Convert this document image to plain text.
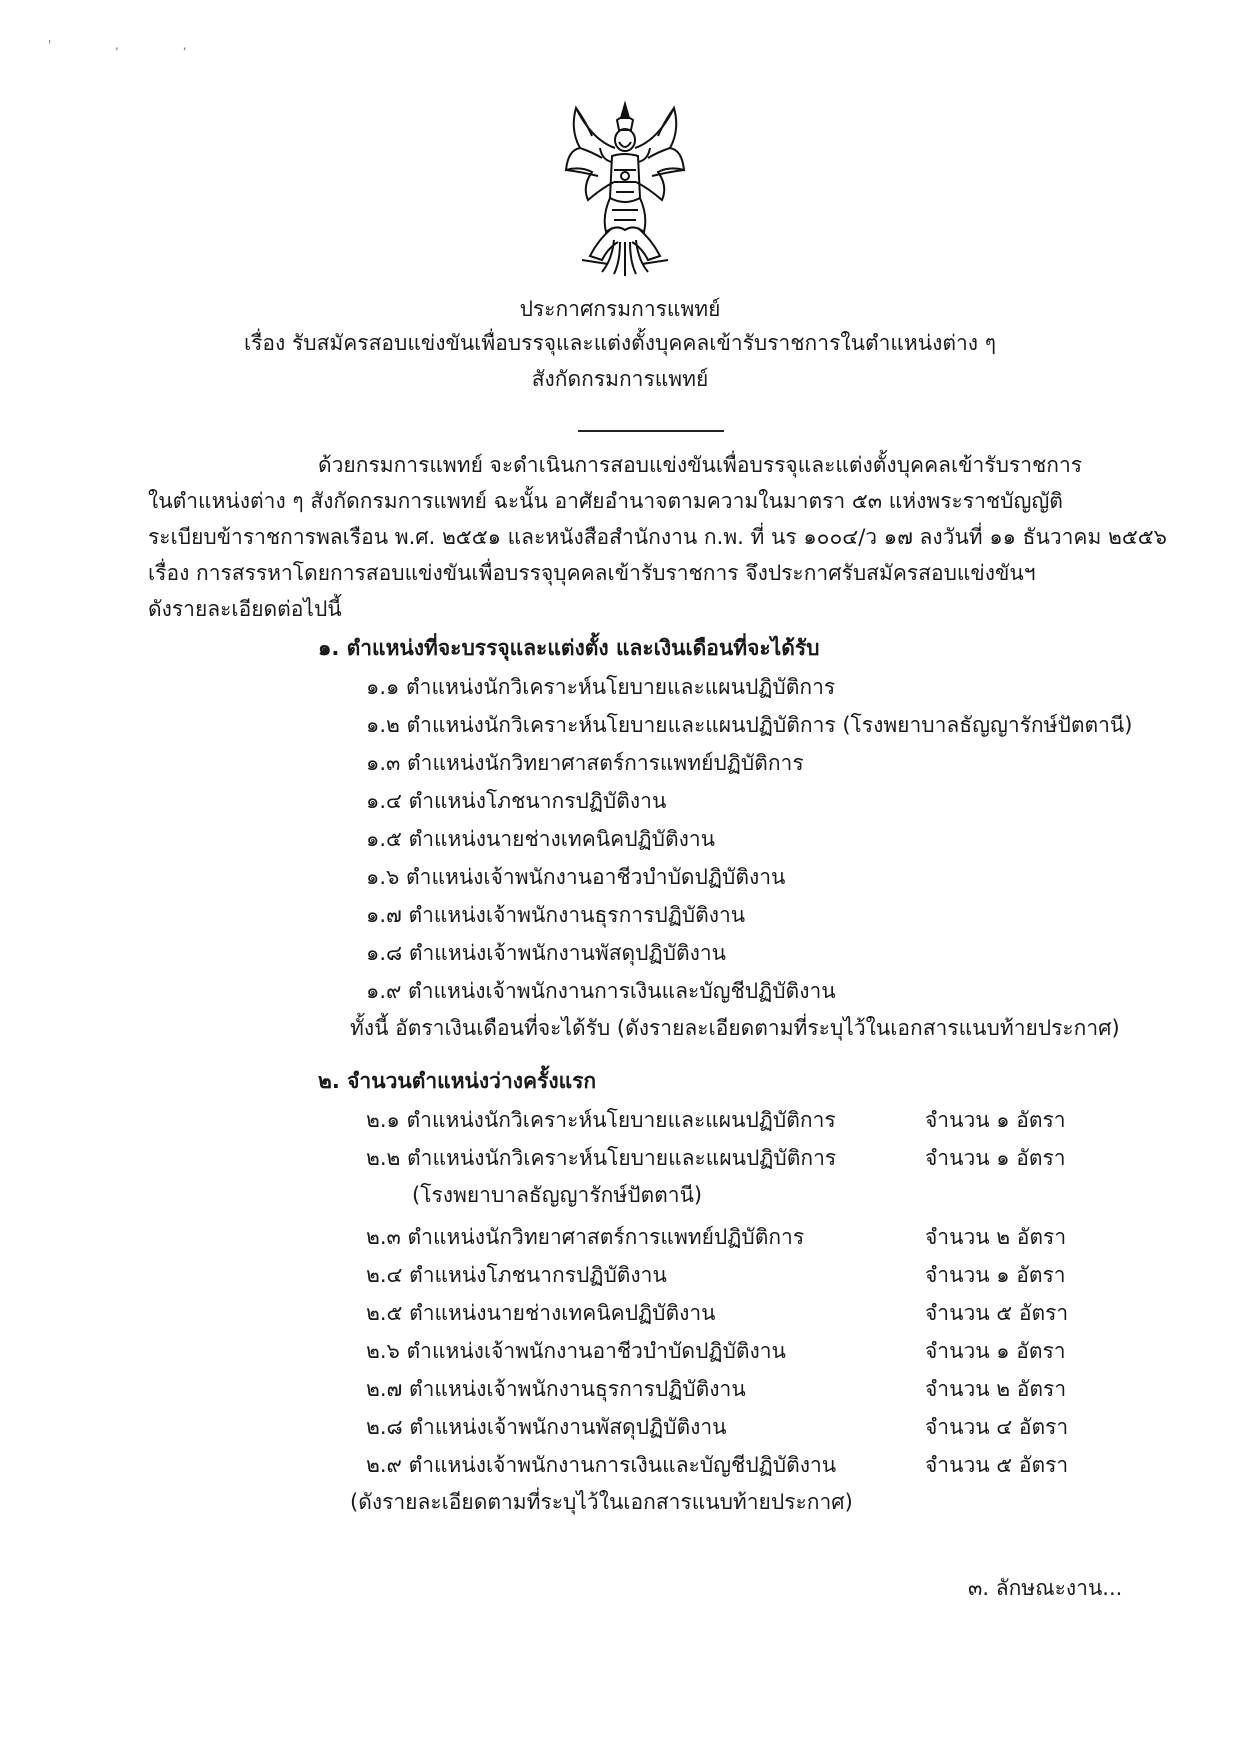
' , ,
ประกาศกรมการแพทย์
เรื่อง รับสมัครสอบแข่งขันเพื่อบรรจุและแต่งตั้งบุคคลเข้ารับราชการในตำแหน่งต่าง ๆ
สังกัดกรมการแพทย์
ด้วยกรมการแพทย์ จะดำเนินการสอบแข่งขันเพื่อบรรจุและแต่งตั้งบุคคลเข้ารับราชการ
ในตำแหน่งต่าง ๆ สังกัดกรมการแพทย์ ฉะนั้น อาศัยอำนาจตามความในมาตรา ๕๓ แห่งพระราชบัญญัติ
ระเบียบข้าราชการพลเรือน พ.ศ. ๒๕๕๑ และหนังสือสำนักงาน ก.พ. ที่ นร ๑๐๐๔/ว ๑๗ ลงวันที่ ๑๑ ธันวาคม ๒๕๕๖
เรื่อง การสรรหาโดยการสอบแข่งขันเพื่อบรรจุบุคคลเข้ารับราชการ จึงประกาศรับสมัครสอบแข่งขันฯ
ดังรายละเอียดต่อไปนี้
๑. ตำแหน่งที่จะบรรจุและแต่งตั้ง และเงินเดือนที่จะได้รับ
๑.๑ ตำแหน่งนักวิเคราะห์นโยบายและแผนปฏิบัติการ
๑.๒ ตำแหน่งนักวิเคราะห์นโยบายและแผนปฏิบัติการ (โรงพยาบาลธัญญารักษ์ปัตตานี)
๑.๓ ตำแหน่งนักวิทยาศาสตร์การแพทย์ปฏิบัติการ
๑.๔ ตำแหน่งโภชนากรปฏิบัติงาน
๑.๕ ตำแหน่งนายช่างเทคนิคปฏิบัติงาน
๑.๖ ตำแหน่งเจ้าพนักงานอาชีวบำบัดปฏิบัติงาน
๑.๗ ตำแหน่งเจ้าพนักงานธุรการปฏิบัติงาน
๑.๘ ตำแหน่งเจ้าพนักงานพัสดุปฏิบัติงาน
๑.๙ ตำแหน่งเจ้าพนักงานการเงินและบัญชีปฏิบัติงาน
ทั้งนี้ อัตราเงินเดือนที่จะได้รับ (ดังรายละเอียดตามที่ระบุไว้ในเอกสารแนบท้ายประกาศ)
๒. จำนวนตำแหน่งว่างครั้งแรก
๒.๑ ตำแหน่งนักวิเคราะห์นโยบายและแผนปฏิบัติการ	จำนวน ๑ อัตรา
๒.๒ ตำแหน่งนักวิเคราะห์นโยบายและแผนปฏิบัติการ	จำนวน ๑ อัตรา
(โรงพยาบาลธัญญารักษ์ปัตตานี)
๒.๓ ตำแหน่งนักวิทยาศาสตร์การแพทย์ปฏิบัติการ	จำนวน ๒ อัตรา
๒.๔ ตำแหน่งโภชนากรปฏิบัติงาน	จำนวน ๑ อัตรา
๒.๕ ตำแหน่งนายช่างเทคนิคปฏิบัติงาน	จำนวน ๕ อัตรา
๒.๖ ตำแหน่งเจ้าพนักงานอาชีวบำบัดปฏิบัติงาน	จำนวน ๑ อัตรา
๒.๗ ตำแหน่งเจ้าพนักงานธุรการปฏิบัติงาน	จำนวน ๒ อัตรา
๒.๘ ตำแหน่งเจ้าพนักงานพัสดุปฏิบัติงาน	จำนวน ๔ อัตรา
๒.๙ ตำแหน่งเจ้าพนักงานการเงินและบัญชีปฏิบัติงาน	จำนวน ๕ อัตรา
(ดังรายละเอียดตามที่ระบุไว้ในเอกสารแนบท้ายประกาศ)
๓. ลักษณะงาน...
